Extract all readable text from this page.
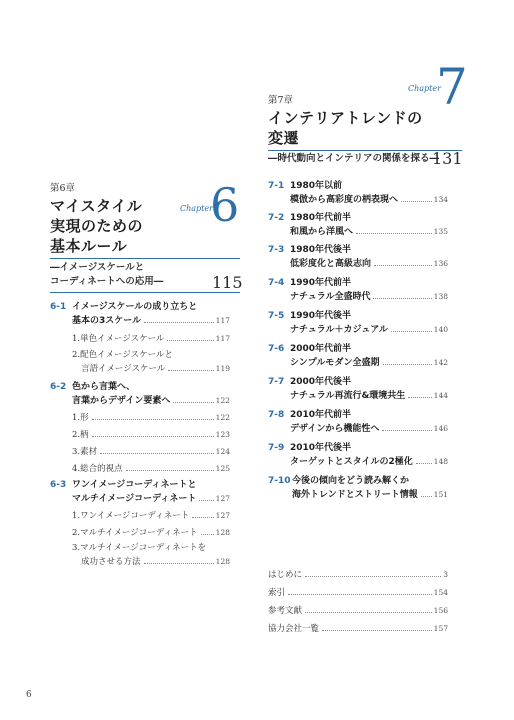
Chapter
7
第7章
インテリアトレンドの
変遷
―時代動向とインテリアの関係を探る―
131
第6章
Chapter
6
マイスタイル
実現のための
基本ルール
―イメージスケールと
コーディネートへの応用―	115
6-1 イメージスケールの成り立ちと
基本の3スケール	117
1.単色イメージスケール	117
2.配色イメージスケールと
言語イメージスケール	119
6-2 色から言葉へ、
言葉からデザイン要素へ	122
1.形	122
2.柄	123
3.素材	124
4.総合的視点	125
6-3 ワンイメージコーディネートと
マルチイメージコーディネート	127
1.ワンイメージコーディネート	127
2.マルチイメージコーディネート 128
3.マルチイメージコーディネートを
成功させる方法	128
7-1 1980年以前
模倣から高彩度の柄表現へ	134
7-2 1980年代前半
和風から洋風へ	135
7-3 1980年代後半
低彩度化と高級志向	136
7-4 1990年代前半
ナチュラル全盛時代	138
7-5 1990年代後半
ナチュラル＋カジュアル	140
7-6 2000年代前半
シンプルモダン全盛期	142
7-7 2000年代後半
ナチュラル再流行&環境共生	144
7-8 2010年代前半
デザインから機能性へ	146
7-9 2010年代後半
ターゲットとスタイルの2極化	148
7-10 今後の傾向をどう読み解くか
海外トレンドとストリート情報 151
はじめに	3
索引	154
参考文献	156
協力会社一覧	157
6
